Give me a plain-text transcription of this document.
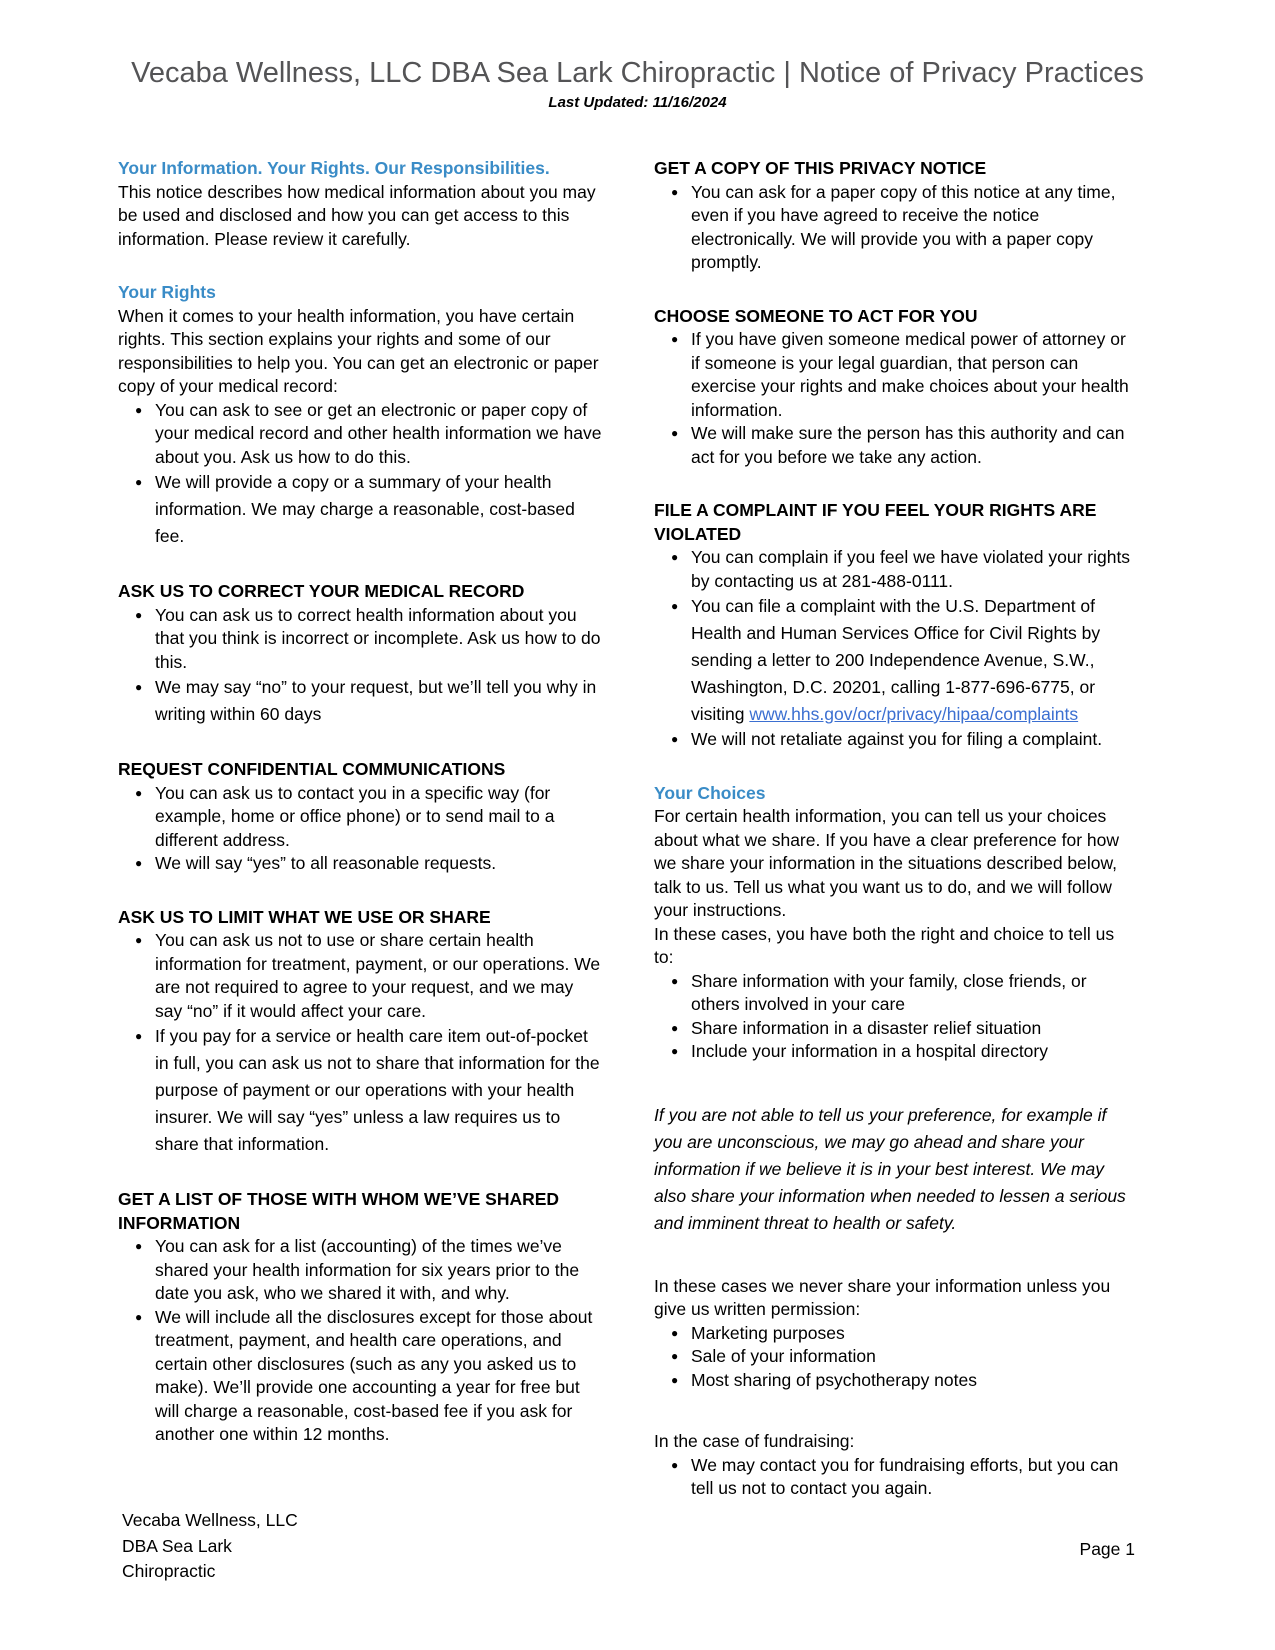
Vecaba Wellness, LLC DBA Sea Lark Chiropractic | Notice of Privacy Practices
Last Updated: 11/16/2024
Your Information. Your Rights. Our Responsibilities.

This notice describes how medical information about you may be used and disclosed and how you can get access to this information. Please review it carefully.

Your Rights

When it comes to your health information, you have certain rights. This section explains your rights and some of our responsibilities to help you. You can get an electronic or paper copy of your medical record:

● You can ask to see or get an electronic or paper copy of your medical record and other health information we have about you. Ask us how to do this.
● We will provide a copy or a summary of your health information. We may charge a reasonable, cost-based fee.
ASK US TO CORRECT YOUR MEDICAL RECORD
● You can ask us to correct health information about you that you think is incorrect or incomplete. Ask us how to do this.
● We may say “no” to your request, but we’ll tell you why in writing within 60 days
REQUEST CONFIDENTIAL COMMUNICATIONS
● You can ask us to contact you in a specific way (for example, home or office phone) or to send mail to a different address.
● We will say “yes” to all reasonable requests.
ASK US TO LIMIT WHAT WE USE OR SHARE
● You can ask us not to use or share certain health information for treatment, payment, or our operations. We are not required to agree to your request, and we may say “no” if it would affect your care.
● If you pay for a service or health care item out-of-pocket in full, you can ask us not to share that information for the purpose of payment or our operations with your health insurer. We will say “yes” unless a law requires us to share that information.
GET A LIST OF THOSE WITH WHOM WE’VE SHARED INFORMATION
● You can ask for a list (accounting) of the times we’ve shared your health information for six years prior to the date you ask, who we shared it with, and why.
● We will include all the disclosures except for those about treatment, payment, and health care operations, and certain other disclosures (such as any you asked us to make). We’ll provide one accounting a year for free but will charge a reasonable, cost-based fee if you ask for another one within 12 months.
GET A COPY OF THIS PRIVACY NOTICE
● You can ask for a paper copy of this notice at any time, even if you have agreed to receive the notice electronically. We will provide you with a paper copy promptly.
CHOOSE SOMEONE TO ACT FOR YOU
● If you have given someone medical power of attorney or if someone is your legal guardian, that person can exercise your rights and make choices about your health information.
● We will make sure the person has this authority and can act for you before we take any action.
FILE A COMPLAINT IF YOU FEEL YOUR RIGHTS ARE VIOLATED
● You can complain if you feel we have violated your rights by contacting us at 281-488-0111.
● You can file a complaint with the U.S. Department of Health and Human Services Office for Civil Rights by sending a letter to 200 Independence Avenue, S.W., Washington, D.C. 20201, calling 1-877-696-6775, or visiting www.hhs.gov/ocr/privacy/hipaa/complaints
● We will not retaliate against you for filing a complaint.
Your Choices

For certain health information, you can tell us your choices about what we share. If you have a clear preference for how we share your information in the situations described below, talk to us. Tell us what you want us to do, and we will follow your instructions.

In these cases, you have both the right and choice to tell us to:

● Share information with your family, close friends, or others involved in your care
● Share information in a disaster relief situation
● Include your information in a hospital directory

If you are not able to tell us your preference, for example if you are unconscious, we may go ahead and share your information if we believe it is in your best interest. We may also share your information when needed to lessen a serious and imminent threat to health or safety.

In these cases we never share your information unless you give us written permission:

● Marketing purposes
● Sale of your information
● Most sharing of psychotherapy notes

In the case of fundraising:

● We may contact you for fundraising efforts, but you can tell us not to contact you again.
Vecaba Wellness, LLC
DBA Sea Lark
Chiropractic
Page 1
